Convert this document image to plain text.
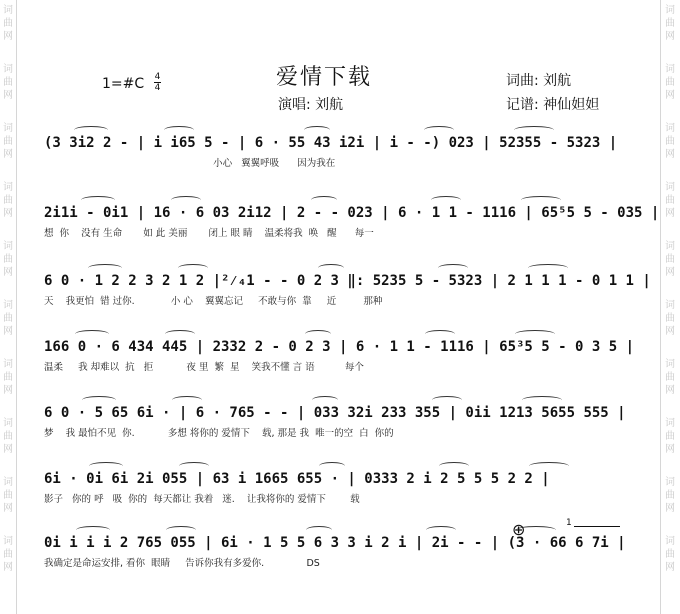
词
曲
网
词
曲
网
词
曲
网
词
曲
网
词
曲
网
词
曲
网
词
曲
网
词
曲
网
词
曲
网
词
曲
网
词
曲
网
词
曲
网
词
曲
网
词
曲
网
词
曲
网
词
曲
网
词
曲
网
词
曲
网
词
曲
网
词
曲
网
爱情下载
1=#C 4
4
演唱: 刘航
词曲: 刘航
记谱: 神仙妲妲
(3 3i2 2 - | i i65 5 - | 6 · 55 43 i2i | i - -) 023 | 52355 - 5323 |
小心   翼翼呼吸      因为我在
2i1i - 0i1 | 16 · 6 03 2i12 | 2 - - 023 | 6 · 1 1 - 1116 | 65⁵5 5 - 035 |
想  你    没有 生命       如 此 美丽       闭上 眼 睛    温柔将我  唤   醒      每一
6 0 · 1 2 2 3 2 1 2 |²⁄₄1 - - 0 2 3 ‖: 5235 5 - 5323 | 2 1 1 1 - 0 1 1 |
天    我更怕  错 过你.            小 心    翼翼忘记     不敢与你  靠     近         那种
166 0 · 6 434 445 | 2332 2 - 0 2 3 | 6 · 1 1 - 1116 | 65³5 5 - 0 3 5 |
温柔     我 却难以  抗   拒           夜 里  繁  星    笑我不懂 言 语          每个
6 0 · 5 65 6i · | 6 · 765 - - | 033 32i 233 355 | 0ii 1213 5655 555 |
梦    我 最怕不见  你.           多想 将你的 爱情下    载, 那是 我  唯一的空  白  你的
6i · 0i 6i 2i 055 | 63 i 1665 655 · | 0333 2 i 2 5 5 5 2 2 |
影子   你的 呼   吸  你的  每天都让 我着   迷.    让我将你的 爱情下        载
0i i i i 2 765 055 | 6i · 1 5 5 6 3 3 i 2 i | 2i - - | (3 · 66 6 7i |
我确定是命运安排, 看你  眼睛     告诉你我有多爱你.              DS
⊕	1
